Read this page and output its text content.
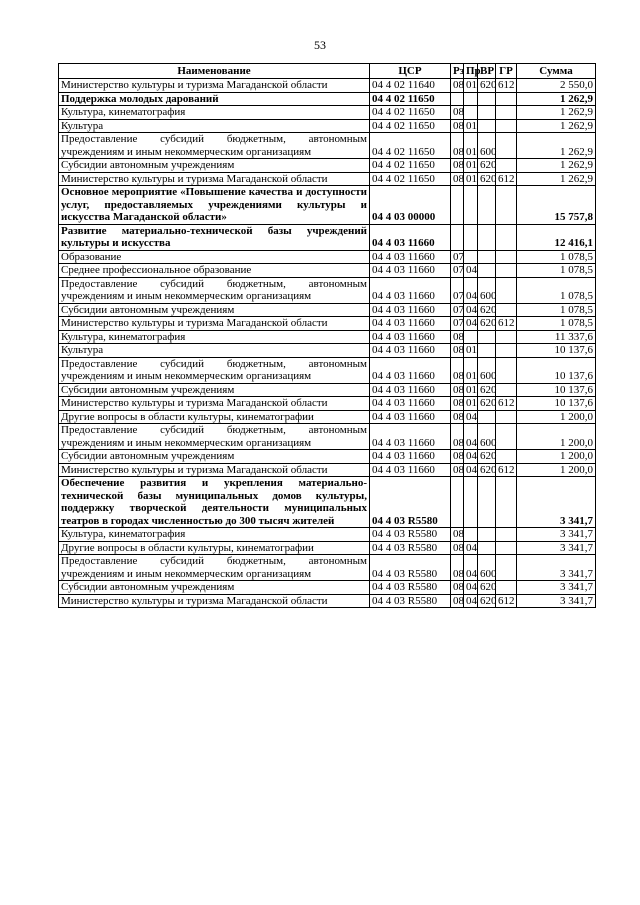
53
Наименование	ЦСР	Рз	Пр	ВР	ГР	Сумма
Министерство культуры и туризма Магаданской области	04 4 02 11640	08	01	620	612	2 550,0
Поддержка молодых дарований	04 4 02 11650					1 262,9
Культура, кинематография	04 4 02 11650	08				1 262,9
Культура	04 4 02 11650	08	01			1 262,9
Предоставление субсидий бюджетным, автономным учреждениям и иным некоммерческим организациям	04 4 02 11650	08	01	600		1 262,9
Субсидии автономным учреждениям	04 4 02 11650	08	01	620		1 262,9
Министерство культуры и туризма Магаданской области	04 4 02 11650	08	01	620	612	1 262,9
Основное мероприятие «Повышение качества и доступности услуг, предоставляемых учреждениями культуры и искусства Магаданской области»	04 4 03 00000					15 757,8
Развитие материально-технической базы учреждений культуры и искусства	04 4 03 11660					12 416,1
Образование	04 4 03 11660	07				1 078,5
Среднее профессиональное образование	04 4 03 11660	07	04			1 078,5
Предоставление субсидий бюджетным, автономным учреждениям и иным некоммерческим организациям	04 4 03 11660	07	04	600		1 078,5
Субсидии автономным учреждениям	04 4 03 11660	07	04	620		1 078,5
Министерство культуры и туризма Магаданской области	04 4 03 11660	07	04	620	612	1 078,5
Культура, кинематография	04 4 03 11660	08				11 337,6
Культура	04 4 03 11660	08	01			10 137,6
Предоставление субсидий бюджетным, автономным учреждениям и иным некоммерческим организациям	04 4 03 11660	08	01	600		10 137,6
Субсидии автономным учреждениям	04 4 03 11660	08	01	620		10 137,6
Министерство культуры и туризма Магаданской области	04 4 03 11660	08	01	620	612	10 137,6
Другие вопросы в области культуры, кинематографии	04 4 03 11660	08	04			1 200,0
Предоставление субсидий бюджетным, автономным учреждениям и иным некоммерческим организациям	04 4 03 11660	08	04	600		1 200,0
Субсидии автономным учреждениям	04 4 03 11660	08	04	620		1 200,0
Министерство культуры и туризма Магаданской области	04 4 03 11660	08	04	620	612	1 200,0
Обеспечение развития и укрепления материально-технической базы муниципальных домов культуры, поддержку творческой деятельности муниципальных театров в городах численностью до 300 тысяч жителей	04 4 03 R5580					3 341,7
Культура, кинематография	04 4 03 R5580	08				3 341,7
Другие вопросы в области культуры, кинематографии	04 4 03 R5580	08	04			3 341,7
Предоставление субсидий бюджетным, автономным учреждениям и иным некоммерческим организациям	04 4 03 R5580	08	04	600		3 341,7
Субсидии автономным учреждениям	04 4 03 R5580	08	04	620		3 341,7
Министерство культуры и туризма Магаданской области	04 4 03 R5580	08	04	620	612	3 341,7
